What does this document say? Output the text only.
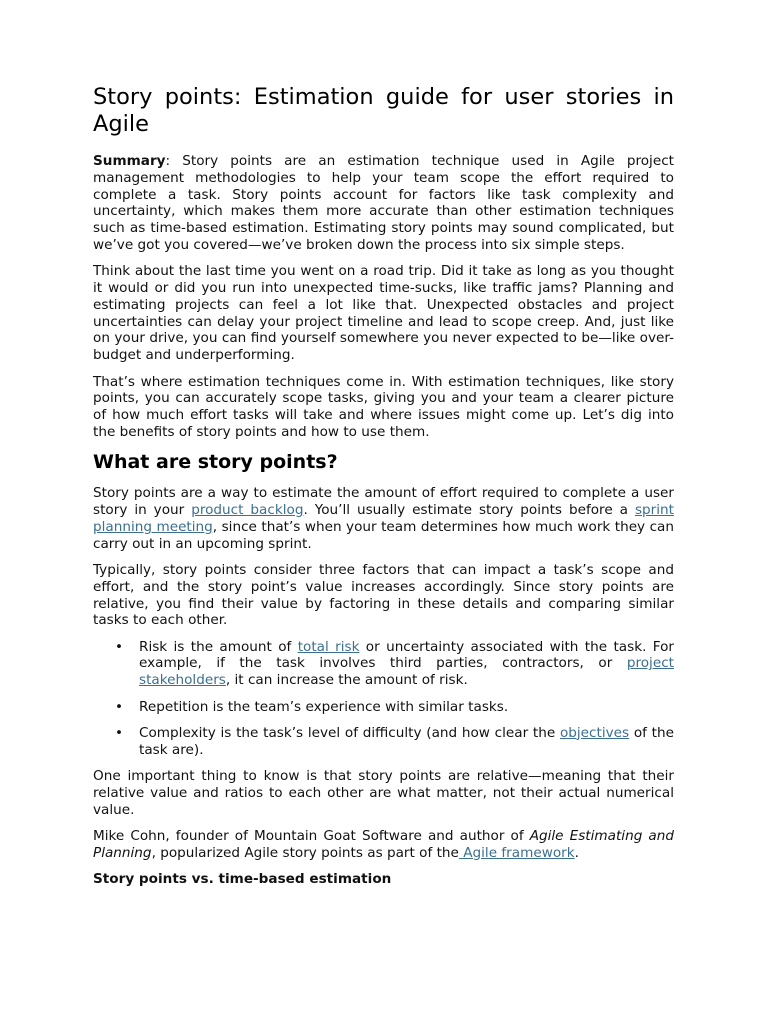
Story points: Estimation guide for user stories in Agile

Summary: Story points are an estimation technique used in Agile project management methodologies to help your team scope the effort required to complete a task. Story points account for factors like task complexity and uncertainty, which makes them more accurate than other estimation techniques such as time-based estimation. Estimating story points may sound complicated, but we’ve got you covered—we’ve broken down the process into six simple steps.

Think about the last time you went on a road trip. Did it take as long as you thought it would or did you run into unexpected time-sucks, like traffic jams? Planning and estimating projects can feel a lot like that. Unexpected obstacles and project uncertainties can delay your project timeline and lead to scope creep. And, just like on your drive, you can find yourself somewhere you never expected to be—like over-budget and underperforming.

That’s where estimation techniques come in. With estimation techniques, like story points, you can accurately scope tasks, giving you and your team a clearer picture of how much effort tasks will take and where issues might come up. Let’s dig into the benefits of story points and how to use them.

What are story points?

Story points are a way to estimate the amount of effort required to complete a user story in your product backlog. You’ll usually estimate story points before a sprint planning meeting, since that’s when your team determines how much work they can carry out in an upcoming sprint.

Typically, story points consider three factors that can impact a task’s scope and effort, and the story point’s value increases accordingly. Since story points are relative, you find their value by factoring in these details and comparing similar tasks to each other.

• Risk is the amount of total risk or uncertainty associated with the task. For example, if the task involves third parties, contractors, or project stakeholders, it can increase the amount of risk.
• Repetition is the team’s experience with similar tasks.
• Complexity is the task’s level of difficulty (and how clear the objectives of the task are).

One important thing to know is that story points are relative—meaning that their relative value and ratios to each other are what matter, not their actual numerical value.

Mike Cohn, founder of Mountain Goat Software and author of Agile Estimating and Planning, popularized Agile story points as part of the Agile framework.

Story points vs. time-based estimation
